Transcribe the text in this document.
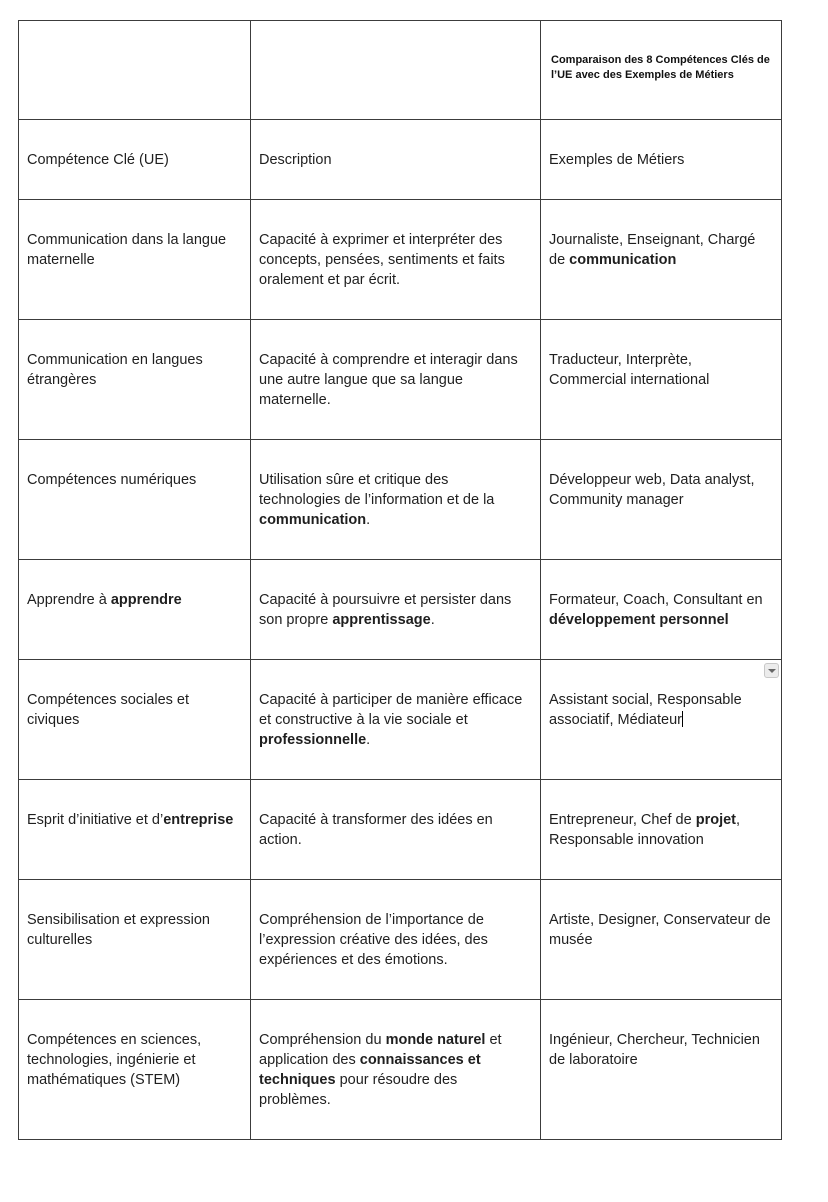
		Comparaison des 8 Compétences Clés de l’UE avec des Exemples de Métiers
Compétence Clé (UE)	Description	Exemples de Métiers
Communication dans la langue maternelle	Capacité à exprimer et interpréter des concepts, pensées, sentiments et faits oralement et par écrit.	Journaliste, Enseignant, Chargé de communication
Communication en langues étrangères	Capacité à comprendre et interagir dans une autre langue que sa langue maternelle.	Traducteur, Interprète, Commercial international
Compétences numériques	Utilisation sûre et critique des technologies de l’information et de la communication.	Développeur web, Data analyst, Community manager
Apprendre à apprendre	Capacité à poursuivre et persister dans son propre apprentissage.	Formateur, Coach, Consultant en développement personnel
Compétences sociales et civiques	Capacité à participer de manière efficace et constructive à la vie sociale et professionnelle.	Assistant social, Responsable associatif, Médiateur

Esprit d’initiative et d’entreprise	Capacité à transformer des idées en action.	Entrepreneur, Chef de projet, Responsable innovation
Sensibilisation et expression culturelles	Compréhension de l’importance de l’expression créative des idées, des expériences et des émotions.	Artiste, Designer, Conservateur de musée
Compétences en sciences, technologies, ingénierie et mathématiques (STEM)	Compréhension du monde naturel et application des connaissances et techniques pour résoudre des problèmes.	Ingénieur, Chercheur, Technicien de laboratoire
